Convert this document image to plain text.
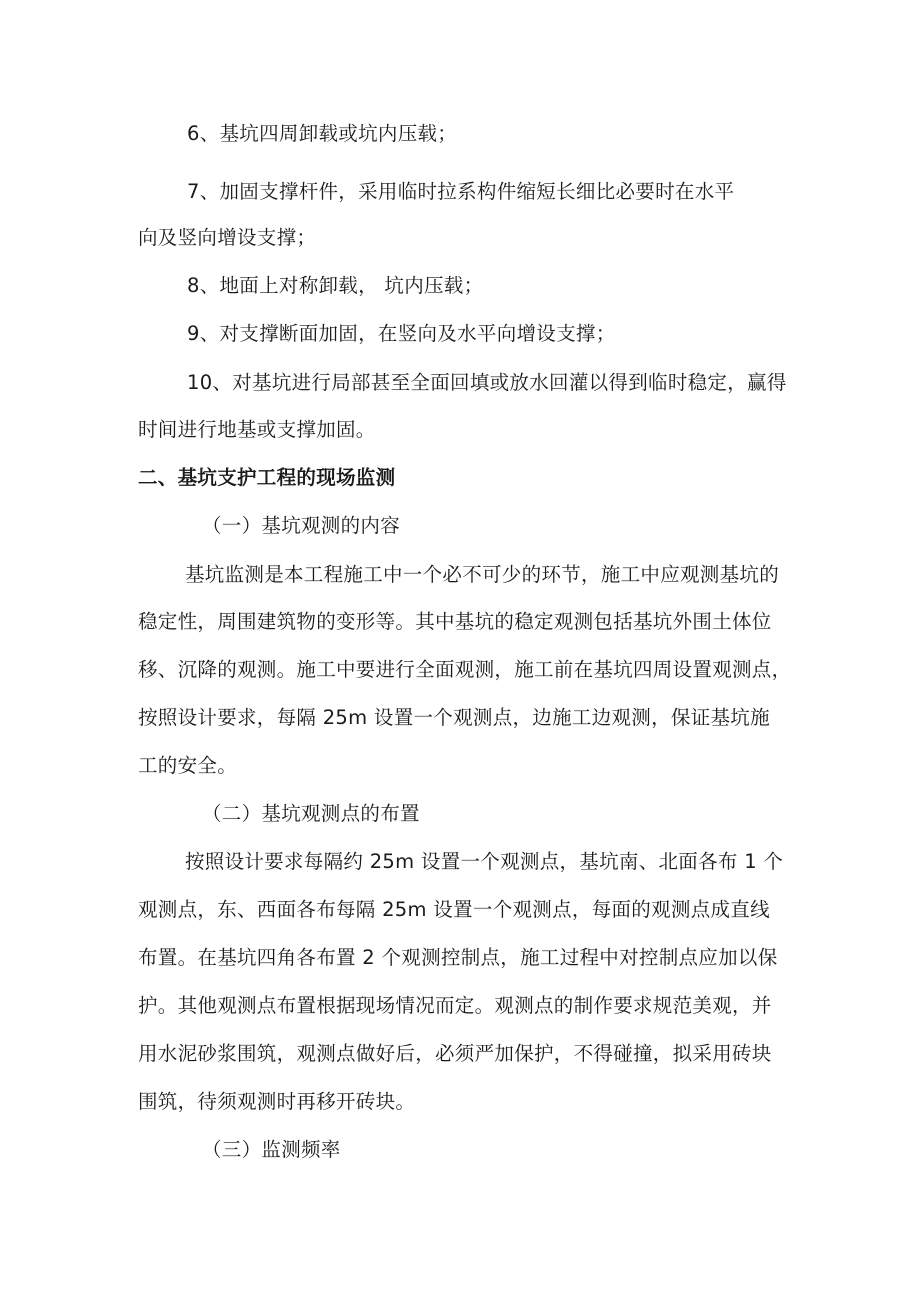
6、基坑四周卸载或坑内压载；
7、加固支撑杆件，采用临时拉系构件缩短长细比必要时在水平
向及竖向增设支撑；
8、地面上对称卸载， 坑内压载；
9、对支撑断面加固，在竖向及水平向增设支撑；
10、对基坑进行局部甚至全面回填或放水回灌以得到临时稳定，赢得
时间进行地基或支撑加固。
二、基坑支护工程的现场监测
（一）基坑观测的内容
基坑监测是本工程施工中一个必不可少的环节，施工中应观测基坑的
稳定性，周围建筑物的变形等。其中基坑的稳定观测包括基坑外围土体位
移、沉降的观测。施工中要进行全面观测，施工前在基坑四周设置观测点，
按照设计要求，每隔 25m 设置一个观测点，边施工边观测，保证基坑施
工的安全。
（二）基坑观测点的布置
按照设计要求每隔约 25m 设置一个观测点，基坑南、北面各布 1 个
观测点，东、西面各布每隔 25m 设置一个观测点，每面的观测点成直线
布置。在基坑四角各布置 2 个观测控制点，施工过程中对控制点应加以保
护。其他观测点布置根据现场情况而定。观测点的制作要求规范美观，并
用水泥砂浆围筑，观测点做好后，必须严加保护，不得碰撞，拟采用砖块
围筑，待须观测时再移开砖块。
（三）监测频率
